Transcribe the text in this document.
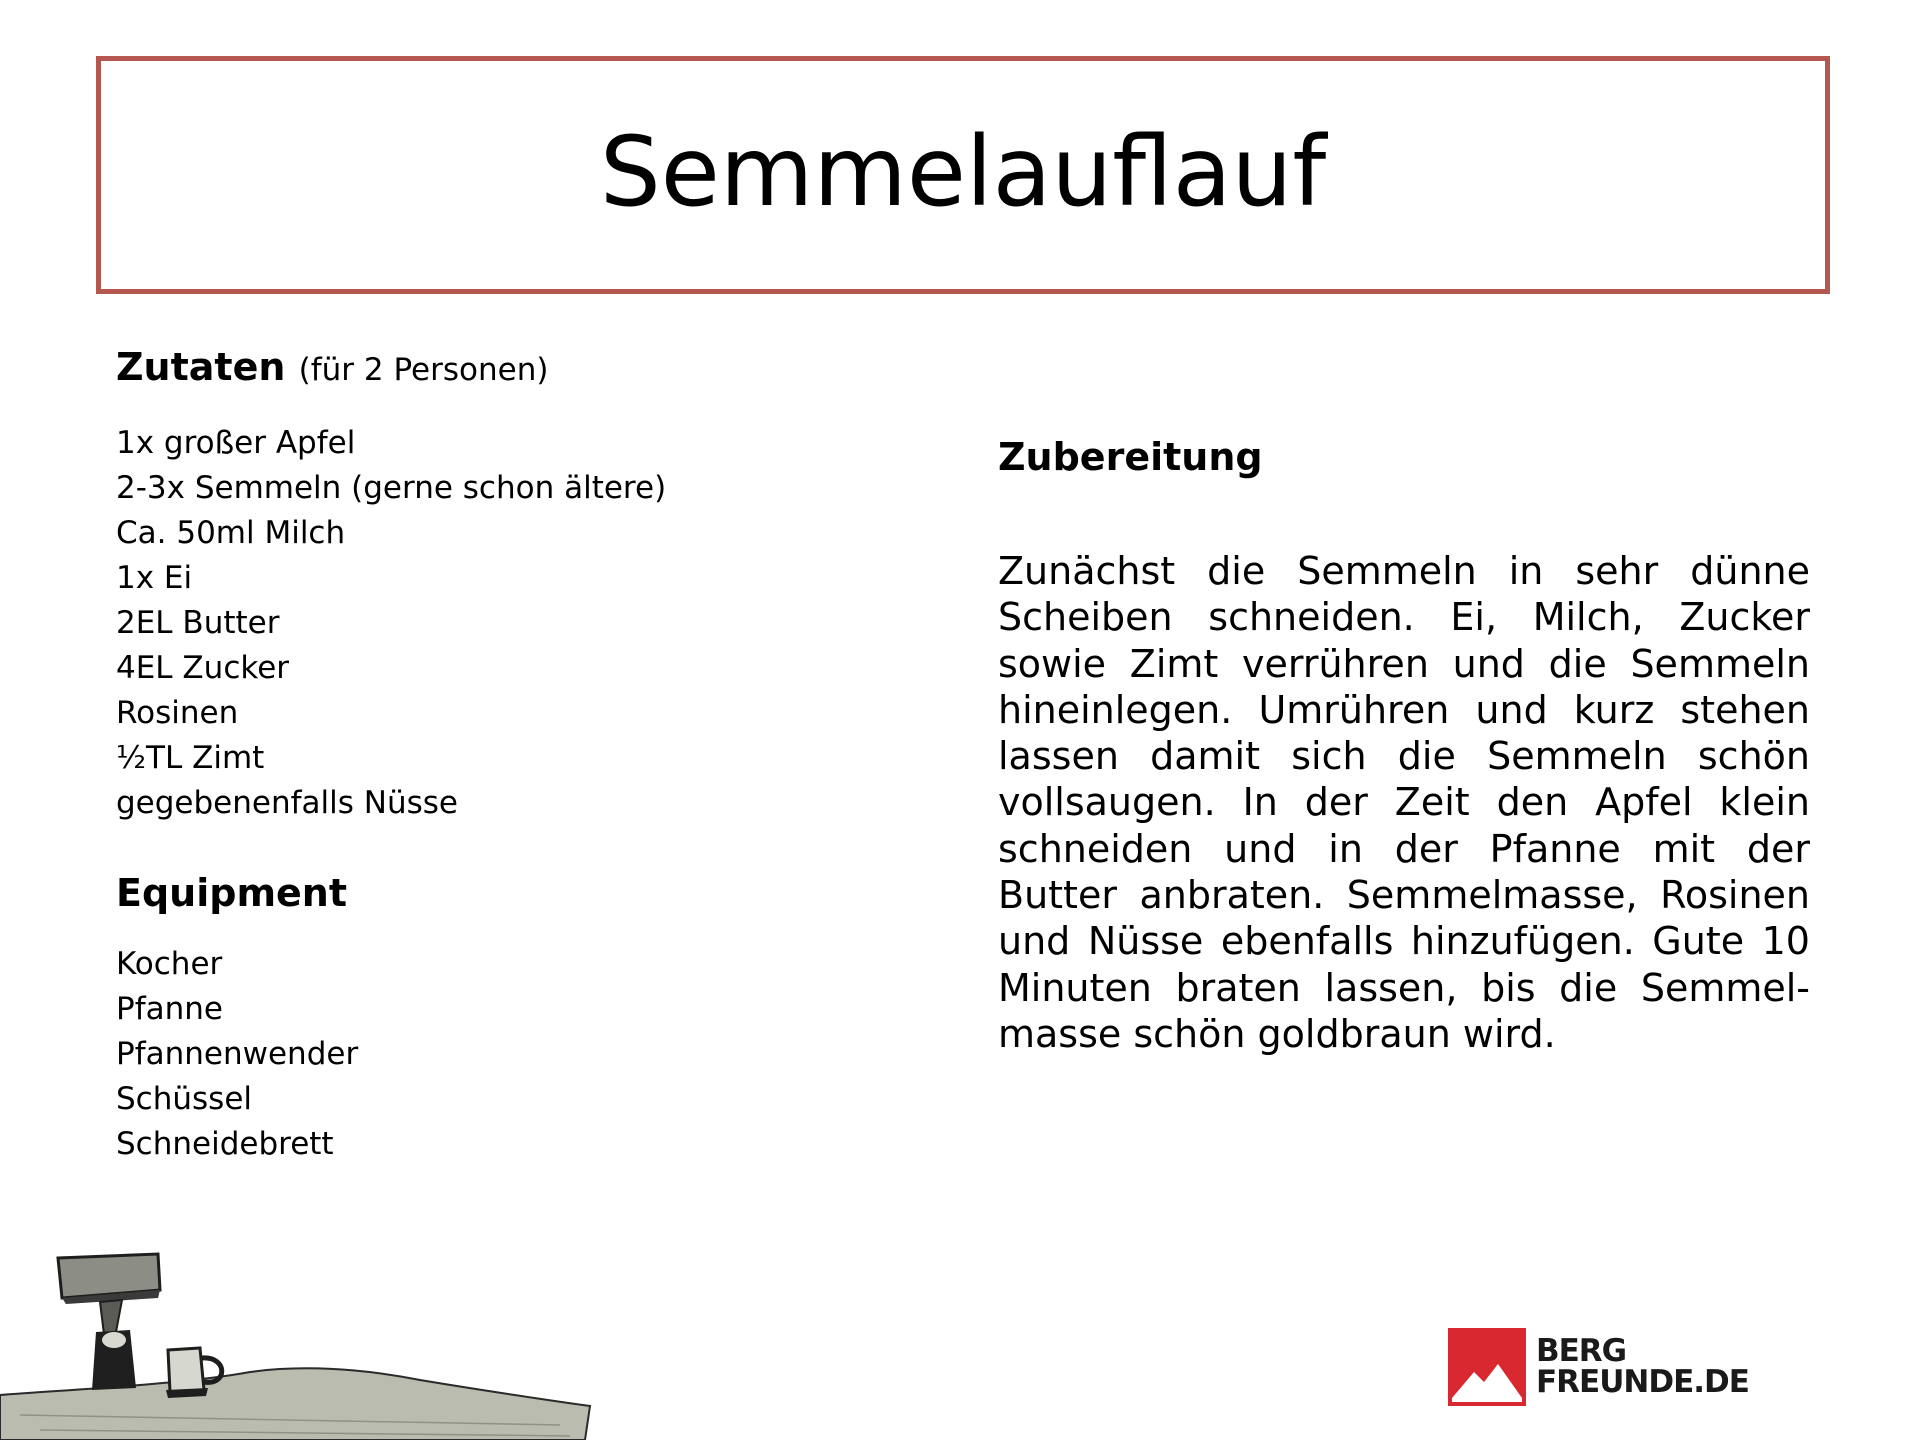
Semmelauflauf
Zutaten (für 2 Personen)
1x großer Apfel
2-3x Semmeln (gerne schon ältere)
Ca. 50ml Milch
1x Ei
2EL Butter
4EL Zucker
Rosinen
½TL Zimt
gegebenenfalls Nüsse
Equipment
Kocher
Pfanne
Pfannenwender
Schüssel
Schneidebrett
Zubereitung
Zunächst die Semmeln in sehr dünne Scheiben schneiden. Ei, Milch, Zucker sowie Zimt verrühren und die Semmeln hineinlegen. Umrühren und kurz stehen lassen damit sich die Semmeln schön vollsaugen. In der Zeit den Apfel klein schneiden und in der Pfanne mit der Butter anbraten. Semmelmasse, Rosinen und Nüsse ebenfalls hinzufügen. Gute 10 Minuten braten lassen, bis die Semmel-masse schön goldbraun wird.
BERG
FREUNDE.DE
